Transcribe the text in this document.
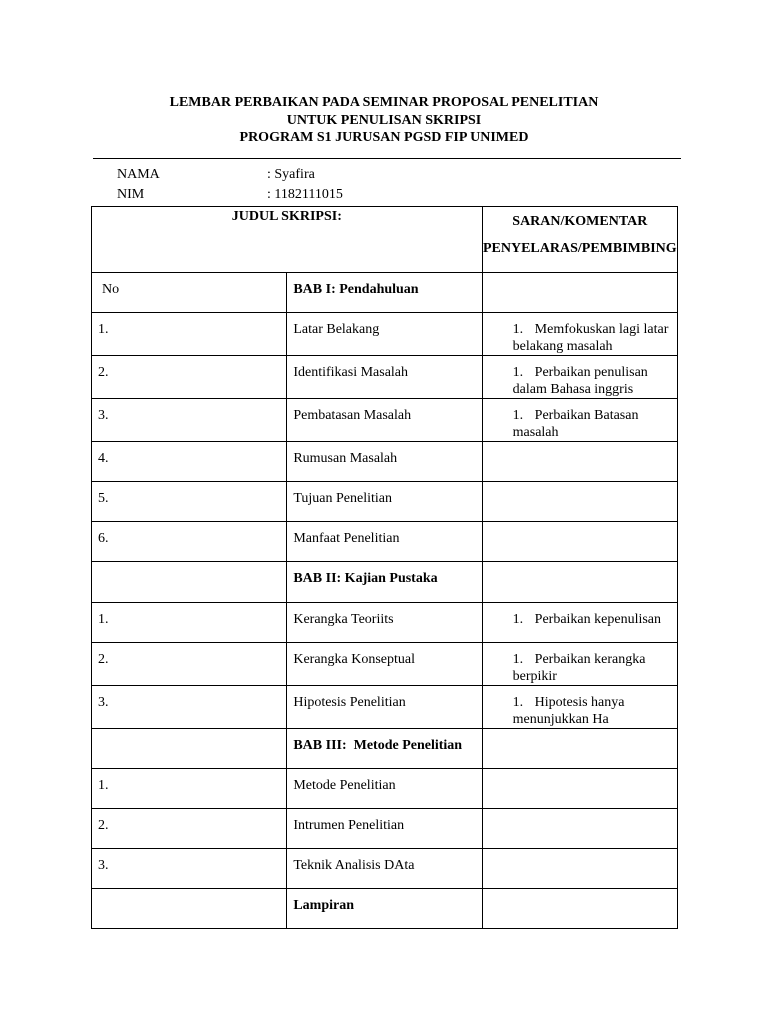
LEMBAR PERBAIKAN PADA SEMINAR PROPOSAL PENELITIAN
UNTUK PENULISAN SKRIPSI
PROGRAM S1 JURUSAN PGSD FIP UNIMED
NAMA	: Syafira
NIM	: 1182111015
JUDUL SKRIPSI:		SARAN/KOMENTAR
PENYELARAS/PEMBIMBING

No	BAB I: Pendahuluan	
1.	Latar Belakang	1. Memfokuskan lagi latar belakang masalah
2.	Identifikasi Masalah	1. Perbaikan penulisan dalam Bahasa inggris
3.	Pembatasan Masalah	1. Perbaikan Batasan masalah
4.	Rumusan Masalah	
5.	Tujuan Penelitian	
6.	Manfaat Penelitian	
	BAB II: Kajian Pustaka	
1.	Kerangka Teoriits	1. Perbaikan kepenulisan
2.	Kerangka Konseptual	1. Perbaikan kerangka berpikir
3.	Hipotesis Penelitian	1. Hipotesis hanya menunjukkan Ha
	BAB III:  Metode Penelitian	
1.	Metode Penelitian	
2.	Intrumen Penelitian	
3.	Teknik Analisis DAta	
	Lampiran	
